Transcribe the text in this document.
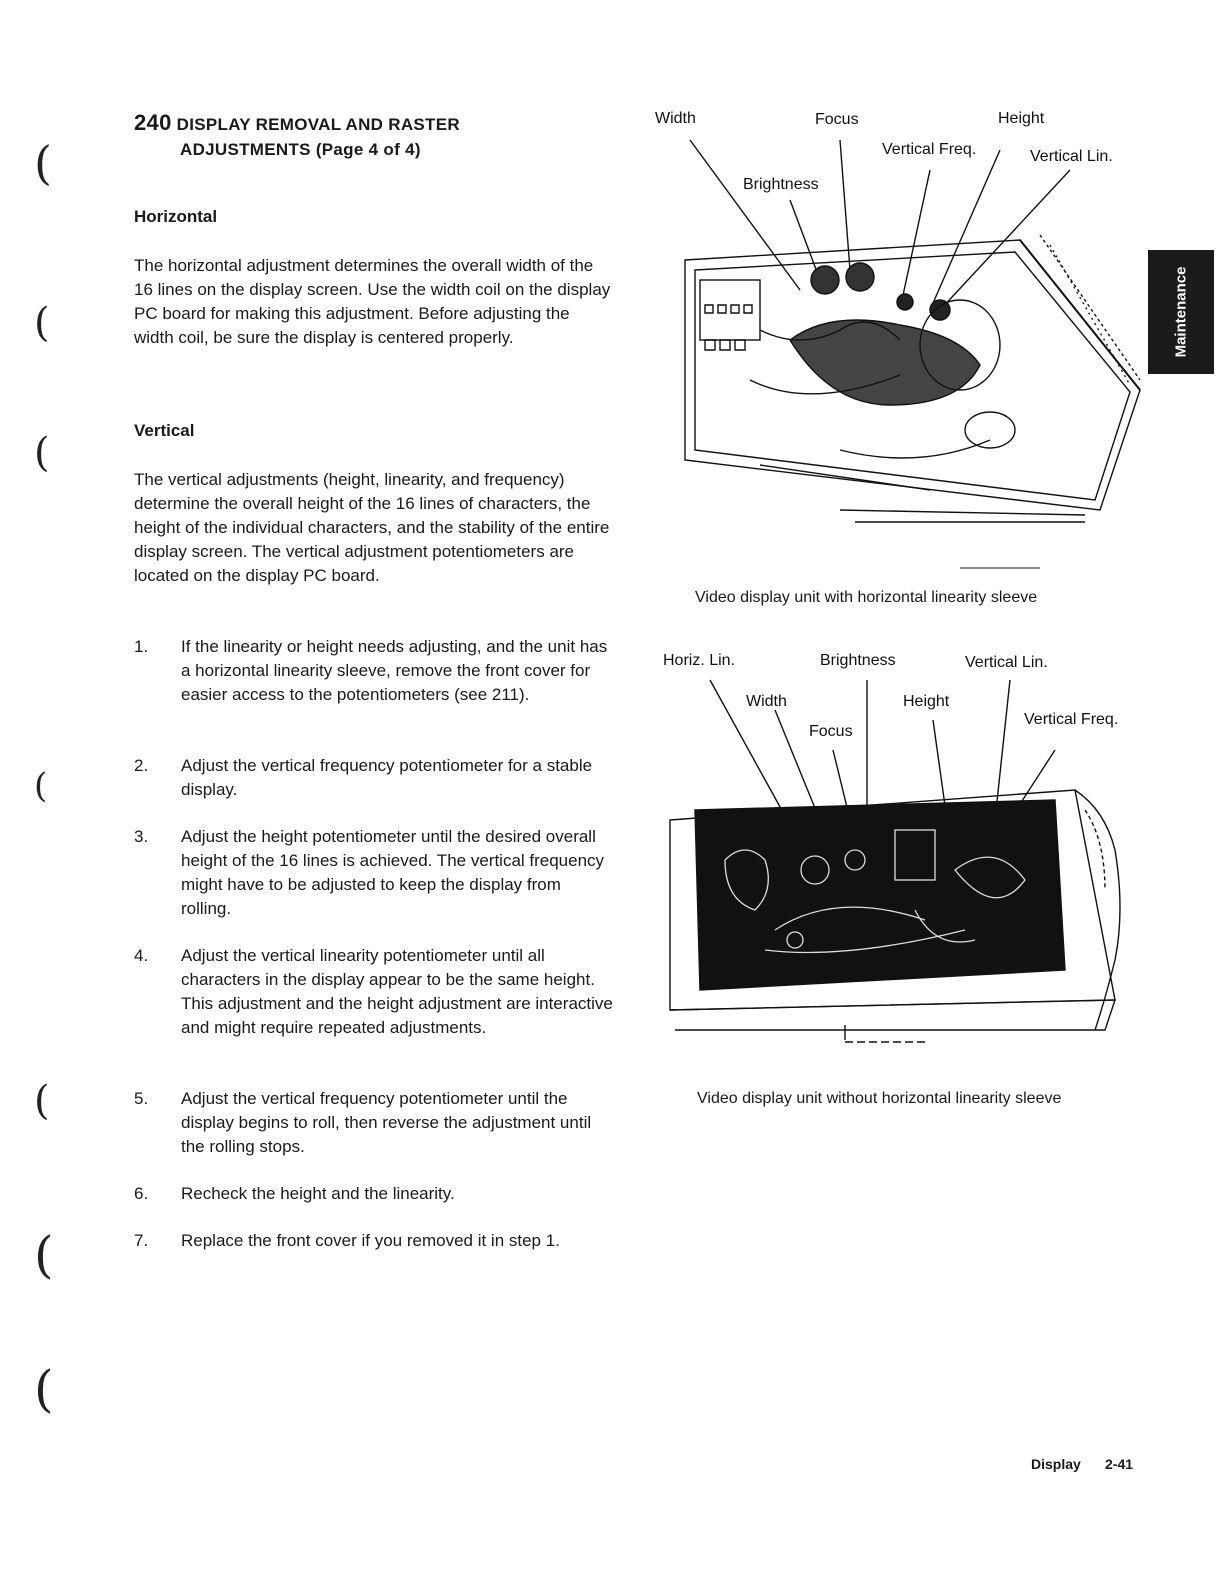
(
(
(
(
(
(
(
240 DISPLAY REMOVAL AND RASTER
ADJUSTMENTS (Page 4 of 4)
Horizontal
The horizontal adjustment determines the overall width of the 16 lines on the display screen. Use the width coil on the display PC board for making this adjustment. Before adjusting the width coil, be sure the display is centered properly.
Vertical
The vertical adjustments (height, linearity, and frequency) determine the overall height of the 16 lines of characters, the height of the individual characters, and the stability of the entire display screen. The vertical adjustment potentiometers are located on the display PC board.
1. If the linearity or height needs adjusting, and the unit has a horizontal linearity sleeve, remove the front cover for easier access to the potentiometers (see 211).
2. Adjust the vertical frequency potentiometer for a stable display.
3. Adjust the height potentiometer until the desired overall height of the 16 lines is achieved. The vertical frequency might have to be adjusted to keep the display from rolling.
4. Adjust the vertical linearity potentiometer until all characters in the display appear to be the same height. This adjustment and the height adjustment are interactive and might require repeated adjustments.
5. Adjust the vertical frequency potentiometer until the display begins to roll, then reverse the adjustment until the rolling stops.
6. Recheck the height and the linearity.
7. Replace the front cover if you removed it in step 1.
Width	Focus	Height
Vertical Freq.	Vertical Lin.
Brightness
Video display unit with horizontal linearity sleeve
Horiz. Lin.	Brightness	Vertical Lin.
Width	Height
Focus
Vertical Freq.
Video display unit without horizontal linearity sleeve
Maintenance
Display 2-41
